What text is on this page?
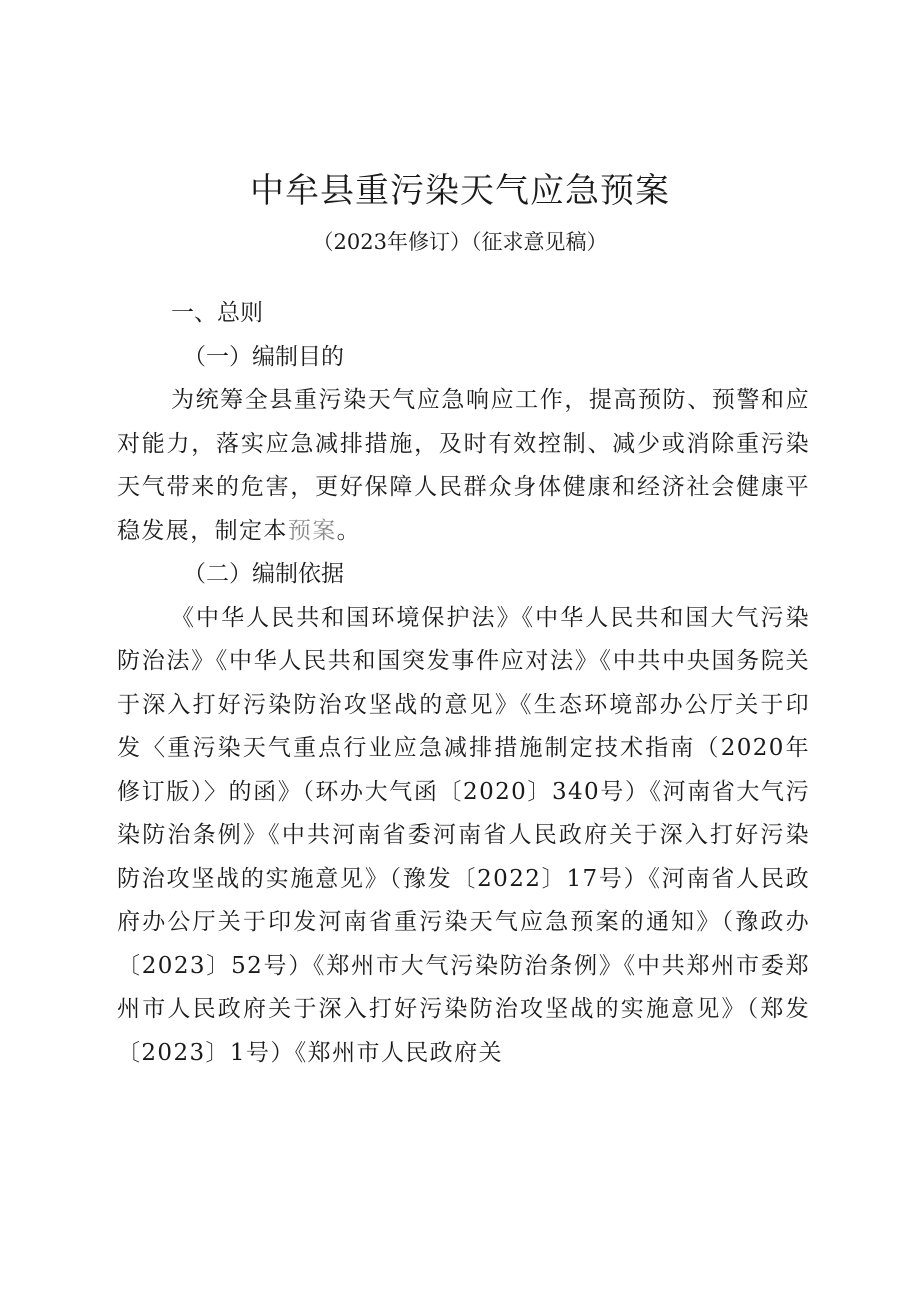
中牟县重污染天气应急预案
（2023年修订）（征求意见稿）

一、总则

（一）编制目的

为统筹全县重污染天气应急响应工作，提高预防、预警和应对能力，落实应急减排措施，及时有效控制、减少或消除重污染天气带来的危害，更好保障人民群众身体健康和经济社会健康平稳发展，制定本预案。

（二）编制依据

《中华人民共和国环境保护法》《中华人民共和国大气污染防治法》《中华人民共和国突发事件应对法》《中共中央国务院关于深入打好污染防治攻坚战的意见》《生态环境部办公厅关于印发〈重污染天气重点行业应急减排措施制定技术指南（2020年修订版）〉的函》（环办大气函〔2020〕340号）《河南省大气污染防治条例》《中共河南省委河南省人民政府关于深入打好污染防治攻坚战的实施意见》（豫发〔2022〕17号）《河南省人民政府办公厅关于印发河南省重污染天气应急预案的通知》（豫政办〔2023〕52号）《郑州市大气污染防治条例》《中共郑州市委郑州市人民政府关于深入打好污染防治攻坚战的实施意见》（郑发〔2023〕1号）《郑州市人民政府关
